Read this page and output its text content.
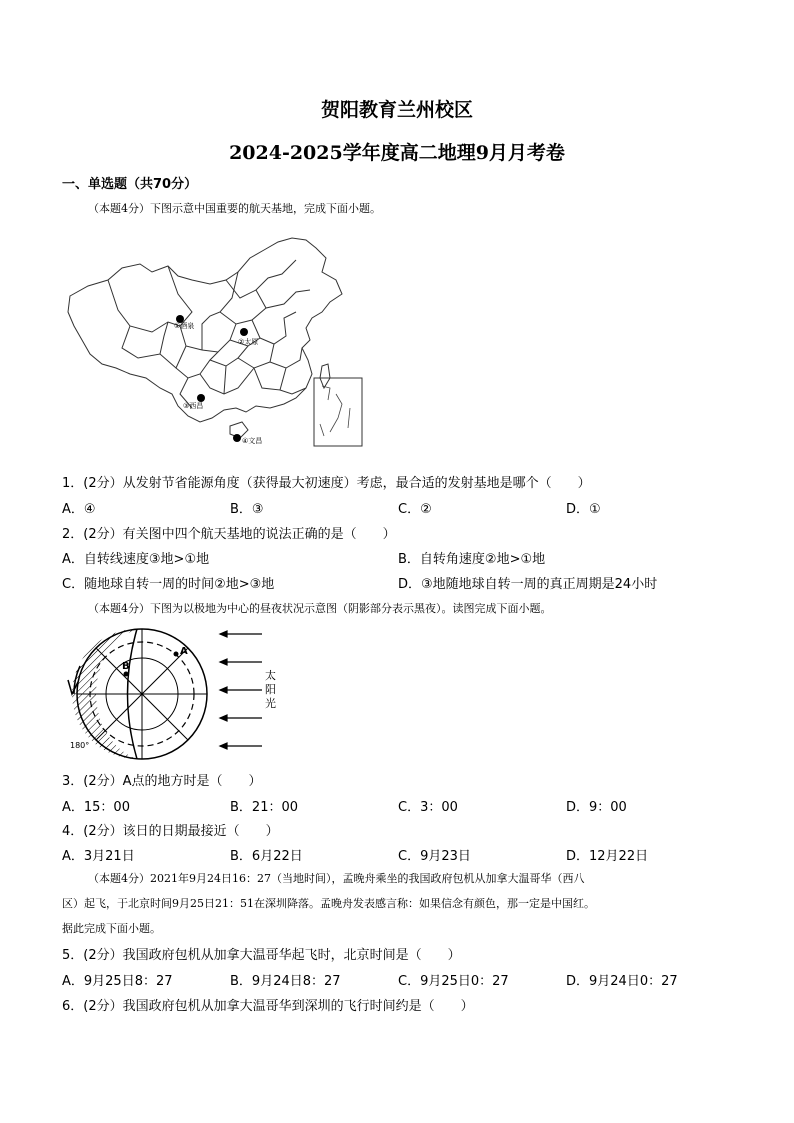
贺阳教育兰州校区
2024-2025学年度高二地理9月月考卷
一、单选题（共70分）
（本题4分）下图示意中国重要的航天基地，完成下面小题。
①酒泉
②太原
③西昌
④文昌
1．(2分）从发射节省能源角度（获得最大初速度）考虑，最合适的发射基地是哪个（　　）
A．④	B．③	C．②	D．①
2．(2分）有关图中四个航天基地的说法正确的是（　　）
A．自转线速度③地>①地	B．自转角速度②地>①地
C．随地球自转一周的时间②地>③地	D．③地随地球自转一周的真正周期是24小时
（本题4分）下图为以极地为中心的昼夜状况示意图（阴影部分表示黑夜）。读图完成下面小题。
B
A
180°
太
阳
光
3．(2分）A点的地方时是（　　）
A．15：00	B．21：00	C．3：00	D．9：00
4．(2分）该日的日期最接近（　　）
A．3月21日	B．6月22日	C．9月23日	D．12月22日
（本题4分）2021年9月24日16：27（当地时间），孟晚舟乘坐的我国政府包机从加拿大温哥华（西八
区）起飞，于北京时间9月25日21：51在深圳降落。孟晚舟发表感言称：如果信念有颜色，那一定是中国红。
据此完成下面小题。
5．(2分）我国政府包机从加拿大温哥华起飞时，北京时间是（　　）
A．9月25日8：27	B．9月24日8：27	C．9月25日0：27	D．9月24日0：27
6．(2分）我国政府包机从加拿大温哥华到深圳的飞行时间约是（　　）
